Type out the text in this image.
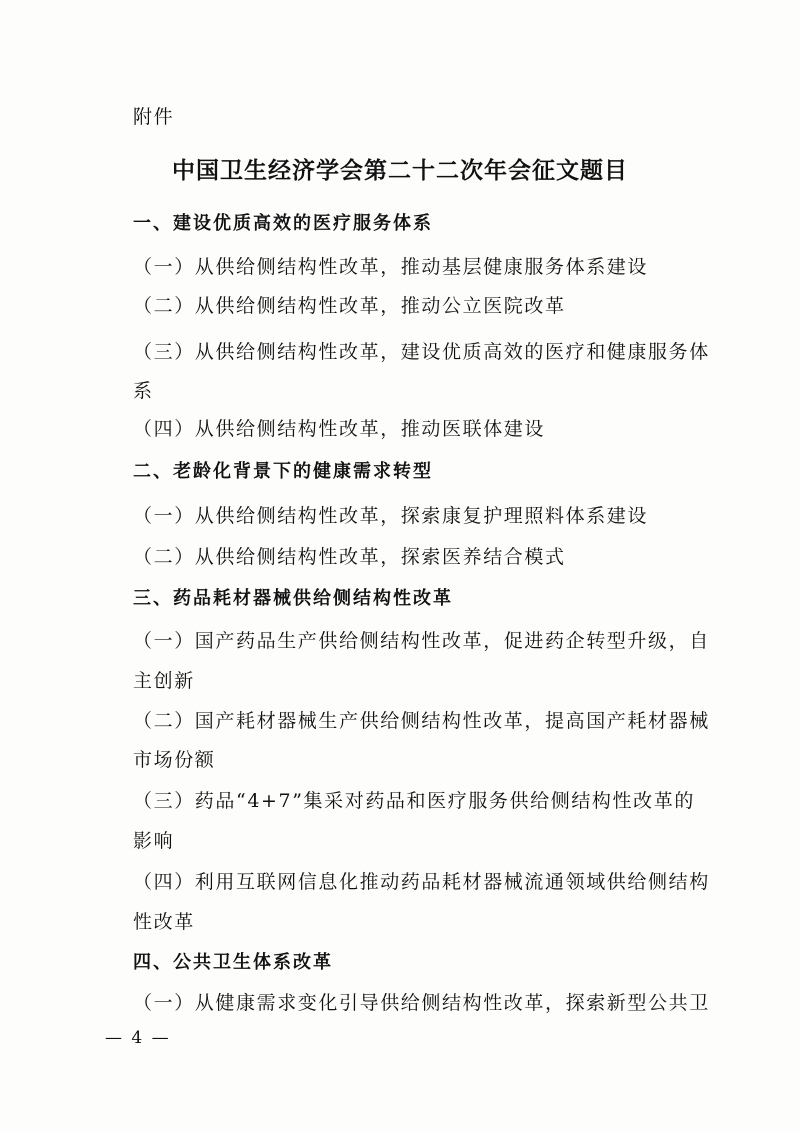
附件
中国卫生经济学会第二十二次年会征文题目
一、建设优质高效的医疗服务体系
（一）从供给侧结构性改革，推动基层健康服务体系建设
（二）从供给侧结构性改革，推动公立医院改革
（三）从供给侧结构性改革，建设优质高效的医疗和健康服务体
系
（四）从供给侧结构性改革，推动医联体建设
二、老龄化背景下的健康需求转型
（一）从供给侧结构性改革，探索康复护理照料体系建设
（二）从供给侧结构性改革，探索医养结合模式
三、药品耗材器械供给侧结构性改革
（一）国产药品生产供给侧结构性改革，促进药企转型升级，自
主创新
（二）国产耗材器械生产供给侧结构性改革，提高国产耗材器械
市场份额
（三）药品“4+7”集采对药品和医疗服务供给侧结构性改革的
影响
（四）利用互联网信息化推动药品耗材器械流通领域供给侧结构
性改革
四、公共卫生体系改革
（一）从健康需求变化引导供给侧结构性改革，探索新型公共卫
— 4 —
